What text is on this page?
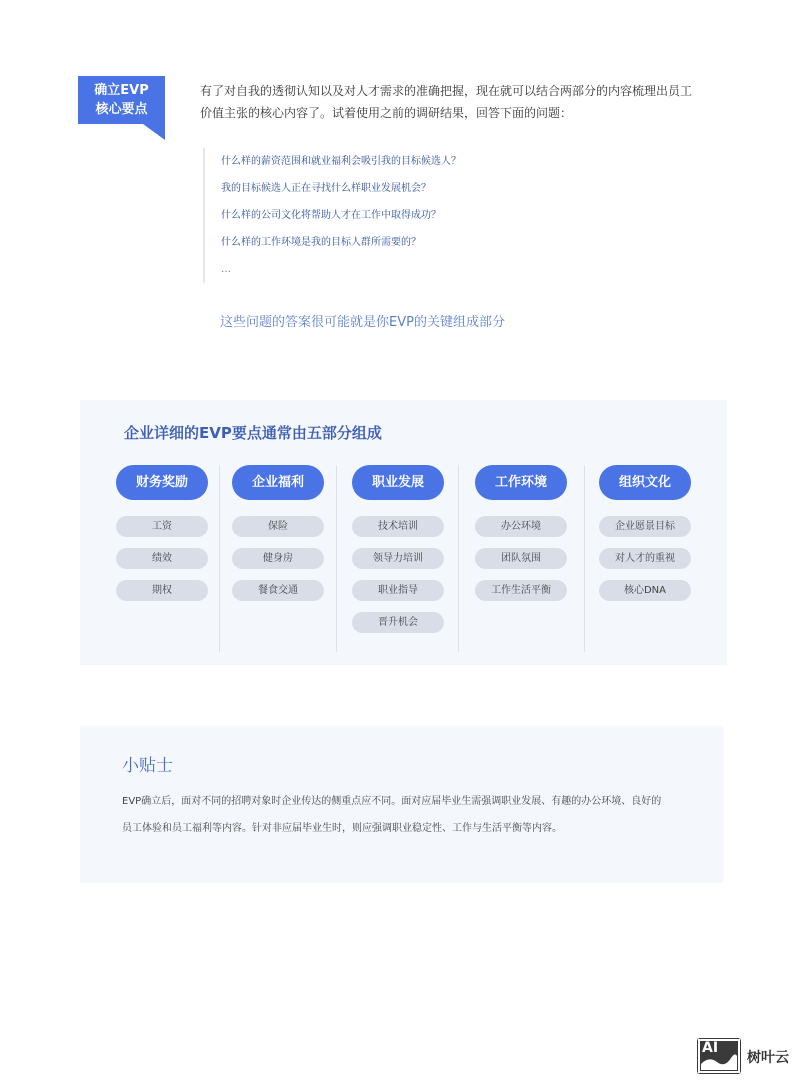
确立EVP
核心要点
有了对自我的透彻认知以及对人才需求的准确把握，现在就可以结合两部分的内容梳理出员工
价值主张的核心内容了。试着使用之前的调研结果，回答下面的问题：
什么样的薪资范围和就业福利会吸引我的目标候选人？
我的目标候选人正在寻找什么样职业发展机会？
什么样的公司文化将帮助人才在工作中取得成功？
什么样的工作环境是我的目标人群所需要的？
…
这些问题的答案很可能就是你EVP的关键组成部分
企业详细的EVP要点通常由五部分组成
财务奖励
工资
绩效
期权
企业福利
保险
健身房
餐食交通
职业发展
技术培训
领导力培训
职业指导
晋升机会
工作环境
办公环境
团队氛围
工作生活平衡
组织文化
企业愿景目标
对人才的重视
核心DNA
小贴士
EVP确立后，面对不同的招聘对象时企业传达的侧重点应不同。面对应届毕业生需强调职业发展、有趣的办公环境、良好的
员工体验和员工福利等内容。针对非应届毕业生时，则应强调职业稳定性、工作与生活平衡等内容。
AI
树叶云
